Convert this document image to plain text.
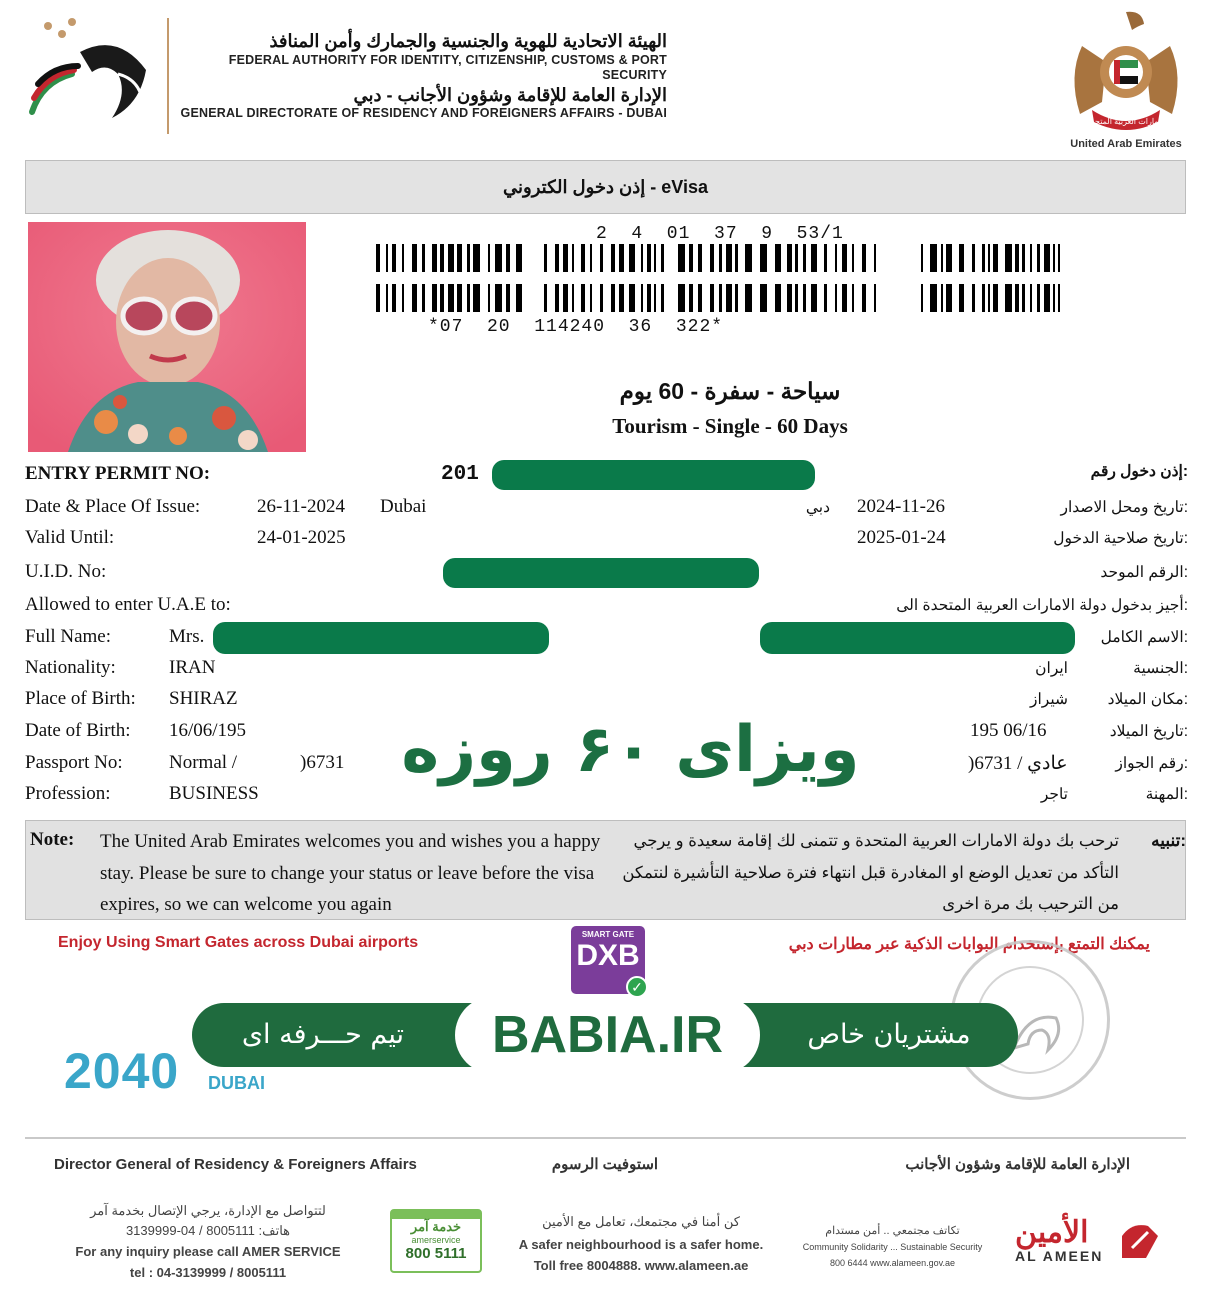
الهيئة الاتحادية للهوية والجنسية والجمارك وأمن المنافذ
FEDERAL AUTHORITY FOR IDENTITY, CITIZENSHIP, CUSTOMS & PORT SECURITY
الإدارة العامة للإقامة وشؤون الأجانب - دبي
GENERAL DIRECTORATE OF RESIDENCY AND FOREIGNERS AFFAIRS - DUBAI
الإمارات العربية المتحدة
United Arab Emirates
إذن دخول الكتروني - eVisa
2  4  01  37  9  53/1
*07  20  114240  36  322*
سياحة - سفرة - 60 يوم
Tourism - Single - 60 Days
ENTRY PERMIT NO:	201	إذن دخول رقم:
Date & Place Of Issue:	26-11-2024 Dubai	دبي 2024-11-26	تاريخ ومحل الاصدار:
Valid Until:	24-01-2025	2025-01-24	تاريخ صلاحية الدخول:
U.I.D. No:	الرقم الموحد:
Allowed to enter U.A.E to:	أجيز بدخول دولة الامارات العربية المتحدة الى:
Full Name:	Mrs.	الاسم الكامل:
Nationality:	IRAN	ايران	الجنسية:
Place of Birth: SHIRAZ	شيراز	مكان الميلاد:
Date of Birth: 16/06/195	195 06/16	تاريخ الميلاد:
Passport No: Normal /	)6731	)6731 / عادي	رقم الجواز:
Profession:	BUSINESS	تاجر	المهنة:
ویزای ۶۰ روزه
Note: The United Arab Emirates welcomes you and wishes you a happy stay. Please be sure to change your status or leave before the visa expires, so we can welcome you again
ترحب بك دولة الامارات العربية المتحدة و تتمنى لك إقامة سعيدة و يرجي التأكد من تعديل الوضع او المغادرة قبل انتهاء فترة صلاحية التأشيرة لنتمكن من الترحيب بك مرة اخرى
تنبيه:
Enjoy Using Smart Gates across Dubai airports	يمكنك التمتع بإستخدام البوابات الذكية عبر مطارات دبي
SMART GATE
DXB
✓
2040 DUBAI
تیم حـــرفه ای	BABIA.IR	مشتریان خاص
Director General of Residency & Foreigners Affairs	استوفيت الرسوم	الإدارة العامة للإقامة وشؤون الأجانب
لتتواصل مع الإدارة، يرجي الإتصال بخدمة آمر
هاتف: 8005111 / 04-3139999
For any inquiry please call AMER SERVICE
tel : 04-3139999 / 8005111
خدمة آمر
amerservice
800 5111
كن أمنا في مجتمعك، تعامل مع الأمين
A safer neighbourhood is a safer home.
Toll free 8004888. www.alameen.ae
تكاتف مجتمعي .. أمن مستدام
Community Solidarity ... Sustainable Security
800 6444 www.alameen.gov.ae
الأمين
AL AMEEN
